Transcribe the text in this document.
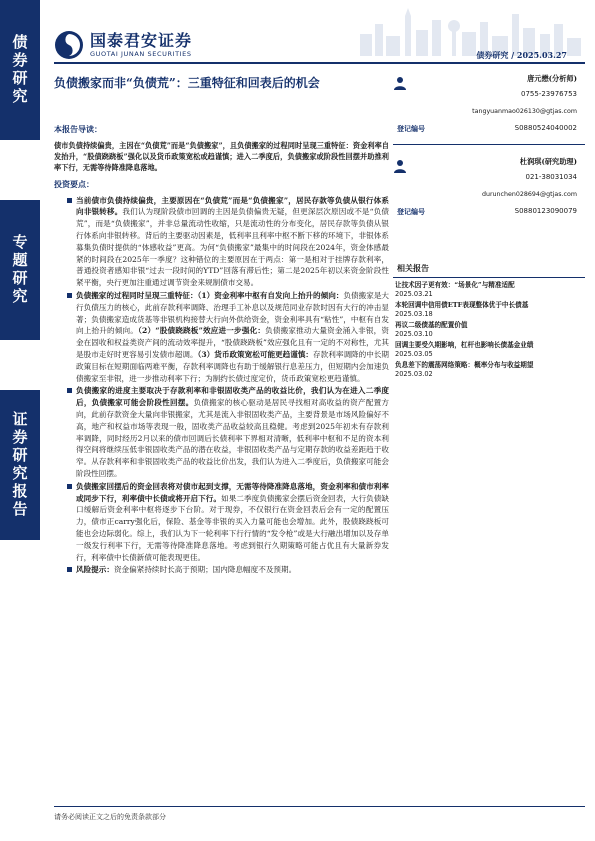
债券研究
专题研究
证券研究报告
国泰君安证券
GUOTAI JUNAN SECURITIES	债券研究 / 2025.03.27
负债搬家而非“负债荒”：三重特征和回表后的机会
本报告导读：
债市负债持续偏贵，主因在“负债荒”而是“负债搬家”，且负债搬家的过程同时呈现三重特征：资金利率自发抬升，“股债跷跷板”强化以及货币政策宽松或趋谨慎；进入二季度后，负债搬家或阶段性回摆并助推利率下行，无需等待降准降息落地。
投资要点：
当前债市负债持续偏贵，主要原因在“负债荒”而是“负债搬家”，居民存款等负债从银行体系向非银转移。我们认为现阶段债市回调的主因是负债偏贵无疑，但更深层次原因或不是“负债荒”，而是“负债搬家”，并非总量流动性收缩，只是流动性的分布变化，居民存款等负债从银行体系向非银转移。背后的主要驱动因素是，低利率且利率中枢不断下移的环境下，非银体系募集负债时提供的“体感收益”更高。为何“负债搬家”最集中的时间段在2024年，资金体感最紧的时间段在2025年一季度？这种错位的主要原因在于两点：第一是相对于挂牌存款利率，普通投资者感知非银“过去一段时间的YTD”回落有滞后性；第二是2025年初以来资金阶段性紧平衡，央行更加注重通过调节资金来规制债市交易。
负债搬家的过程同时呈现三重特征：（1）资金利率中枢有自发向上抬升的倾向：负债搬家是大行负债压力的核心，此前存款利率调降、治理手工补息以及规范同业存款时因有大行的冲击显著；负债搬家造成货基等非银机构接替大行向外供给资金，资金利率具有“粘性”，中枢有自发向上抬升的倾向。（2）“股债跷跷板”效应进一步强化：负债搬家推动大量资金涌入非银，资金在固收和权益类资产间的流动效率提升，“股债跷跷板”效应强化且有一定的不对称性，尤其是股市走好时更容易引发债市超调。（3）货币政策宽松可能更趋谨慎：存款利率调降的中长期政策目标在短期面临两难平衡，存款利率调降也有助于缓解银行息差压力，但短期内会加速负债搬家至非银，进一步推动利率下行；为制约长债过度定价，货币政策宽松更趋谨慎。
负债搬家的进度主要取决于存款利率和非银固收类产品的收益比价，我们认为在进入二季度后，负债搬家可能会阶段性回摆。负债搬家的核心驱动是居民寻找相对高收益的资产配置方向，此前存款资金大量向非银搬家，尤其是流入非银固收类产品，主要背景是市场风险偏好不高，地产和权益市场等表现一般，固收类产品收益较高且稳健。考虑到2025年初未有存款利率调降，同时经历2月以来的债市回调后长债利率下界相对清晰，低利率中枢和不足的资本利得空间将继续压低非银固收类产品的潜在收益，非银固收类产品与定期存款的收益差距趋于收窄。从存款利率和非银固收类产品的收益比价出发，我们认为进入二季度后，负债搬家可能会阶段性回摆。
负债搬家回摆后的资金回表将对债市起到支撑，无需等待降准降息落地，资金利率和债市利率或同步下行，利率债中长债或将开启下行。如果二季度负债搬家会摆后资金回表，大行负债缺口缓解后资金利率中枢将逐步下台阶。对于现券，不仅银行在资金回表后会有一定的配置压力，债市正carry强化后，保险、基金等非银的买入力量可能也会增加。此外，股债跷跷板可能也会边际弱化。综上，我们认为下一轮利率下行行情的“发令枪”或是大行融出增加以及存单一级发行利率下行，无需等待降准降息落地。考虑到银行久期策略可能占优且有大量新券发行，利率债中长债新债可能表现更佳。
风险提示：资金偏紧持续时长高于预期；国内降息幅度不及预期。
唐元懋(分析师)
0755-23976753
tangyuanmao026130@gtjas.com
登记编号	S0880524040002
杜润琪(研究助理)
021-38031034
durunchen028694@gtjas.com
登记编号	S0880123090079
相关报告
让技术因子更有效：“场景化”与精准适配
2025.03.21
本轮回调中信用债ETF表现整体优于中长债基
2025.03.18
再议二级债基的配置价值
2025.03.10
回调主要受久期影响，杠杆也影响长债基金业绩
2025.03.05
负息差下的震荡网络策略：概率分布与收益期望
2025.03.02
请务必阅读正文之后的免责条款部分
